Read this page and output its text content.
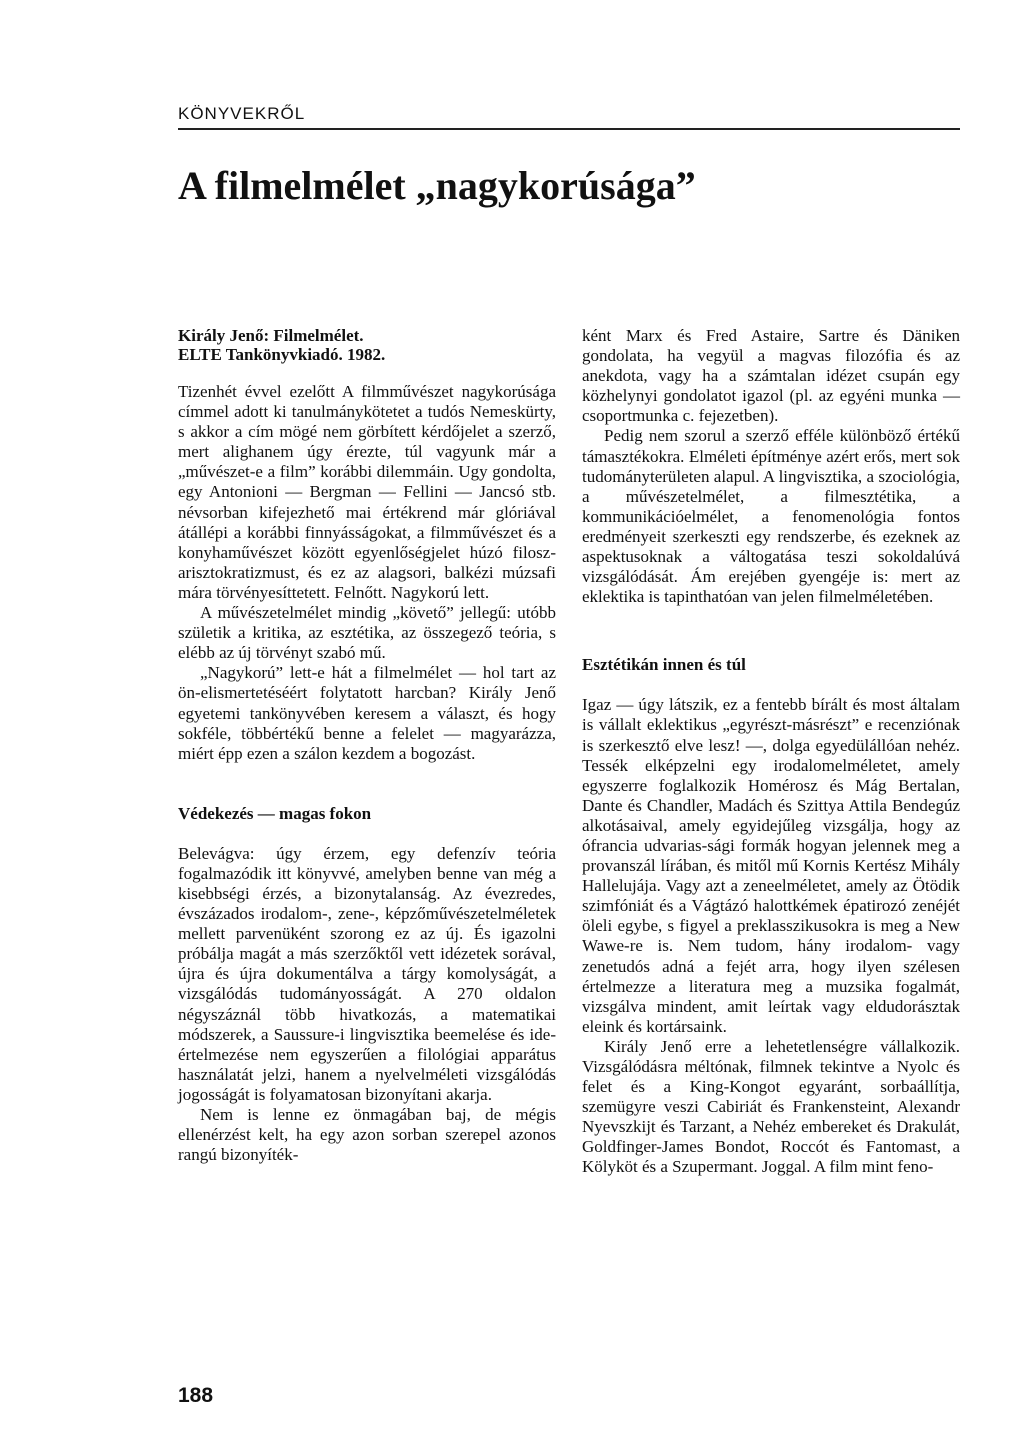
KÖNYVEKRŐL
A filmelmélet „nagykorúsága”
Király Jenő: Filmelmélet.
ELTE Tankönyvkiadó. 1982.

Tizenhét évvel ezelőtt A filmművészet nagykorúsága címmel adott ki tanulmánykötetet a tudós Nemeskürty, s akkor a cím mögé nem görbített kérdőjelet a szerző, mert alighanem úgy érezte, túl vagyunk már a „művészet-e a film” korábbi dilemmáin. Ugy gondolta, egy Antonioni — Bergman — Fellini — Jancsó stb. névsorban kifejezhető mai értékrend már glóriával átállépi a korábbi finnyásságokat, a filmművészet és a konyhaművészet között egyenlőségjelet húzó filosz-arisztokratizmust, és ez az alagsori, balkézi múzsafi mára törvényesíttetett. Felnőtt. Nagykorú lett.

A művészetelmélet mindig „követő” jellegű: utóbb születik a kritika, az esztétika, az összegező teória, s elébb az új törvényt szabó mű.

„Nagykorú” lett-e hát a filmelmélet — hol tart az ön-elismertetéséért folytatott harcban? Király Jenő egyetemi tankönyvében keresem a választ, és hogy sokféle, többértékű benne a felelet — magyarázza, miért épp ezen a szálon kezdem a bogozást.

Védekezés — magas fokon

Belevágva: úgy érzem, egy defenzív teória fogalmazódik itt könyvvé, amelyben benne van még a kisebbségi érzés, a bizonytalanság. Az évezredes, évszázados irodalom-, zene-, képzőművészetelméletek mellett parvenüként szorong ez az új. És igazolni próbálja magát a más szerzőktől vett idézetek sorával, újra és újra dokumentálva a tárgy komolyságát, a vizsgálódás tudományosságát. A 270 oldalon négyszáznál több hivatkozás, a matematikai módszerek, a Saussure-i lingvisztika beemelése és ide-értelmezése nem egyszerűen a filológiai apparátus használatát jelzi, hanem a nyelvelméleti vizsgálódás jogosságát is folyamatosan bizonyítani akarja.

Nem is lenne ez önmagában baj, de mégis ellenérzést kelt, ha egy azon sorban szerepel azonos rangú bizonyíték-

ként Marx és Fred Astaire, Sartre és Däniken gondolata, ha vegyül a magvas filozófia és az anekdota, vagy ha a számtalan idézet csupán egy közhelynyi gondolatot igazol (pl. az egyéni munka — csoportmunka c. fejezetben).

Pedig nem szorul a szerző efféle különböző értékű támasztékokra. Elméleti építménye azért erős, mert sok tudományterületen alapul. A lingvisztika, a szociológia, a művészetelmélet, a filmesztétika, a kommunikációelmélet, a fenomenológia fontos eredményeit szerkeszti egy rendszerbe, és ezeknek az aspektusoknak a váltogatása teszi sokoldalúvá vizsgálódását. Ám erejében gyengéje is: mert az eklektika is tapinthatóan van jelen filmelméletében.

Esztétikán innen és túl

Igaz — úgy látszik, ez a fentebb bírált és most általam is vállalt eklektikus „egyrészt-másrészt” e recenziónak is szerkesztő elve lesz! —, dolga egyedülállóan nehéz. Tessék elképzelni egy irodalomelméletet, amely egyszerre foglalkozik Homérosz és Mág Bertalan, Dante és Chandler, Madách és Szittya Attila Bendegúz alkotásaival, amely egyidejűleg vizsgálja, hogy az ófrancia udvarias-sági formák hogyan jelennek meg a provanszál lírában, és mitől mű Kornis Kertész Mihály Hallelujája. Vagy azt a zeneelméletet, amely az Ötödik szimfóniát és a Vágtázó halottkémek épatirozó zenéjét öleli egybe, s figyel a preklasszikusokra is meg a New Wawe-re is. Nem tudom, hány irodalom- vagy zenetudós adná a fejét arra, hogy ilyen szélesen értelmezze a literatura meg a muzsika fogalmát, vizsgálva mindent, amit leírtak vagy eldudorásztak eleink és kortársaink.

Király Jenő erre a lehetetlenségre vállalkozik. Vizsgálódásra méltónak, filmnek tekintve a Nyolc és felet és a King-Kongot egyaránt, sorbaállítja, szemügyre veszi Cabiriát és Frankensteint, Alexandr Nyevszkijt és Tarzant, a Nehéz embereket és Drakulát, Goldfinger-James Bondot, Roccót és Fantomast, a Kölyköt és a Szupermant. Joggal. A film mint feno-

188
